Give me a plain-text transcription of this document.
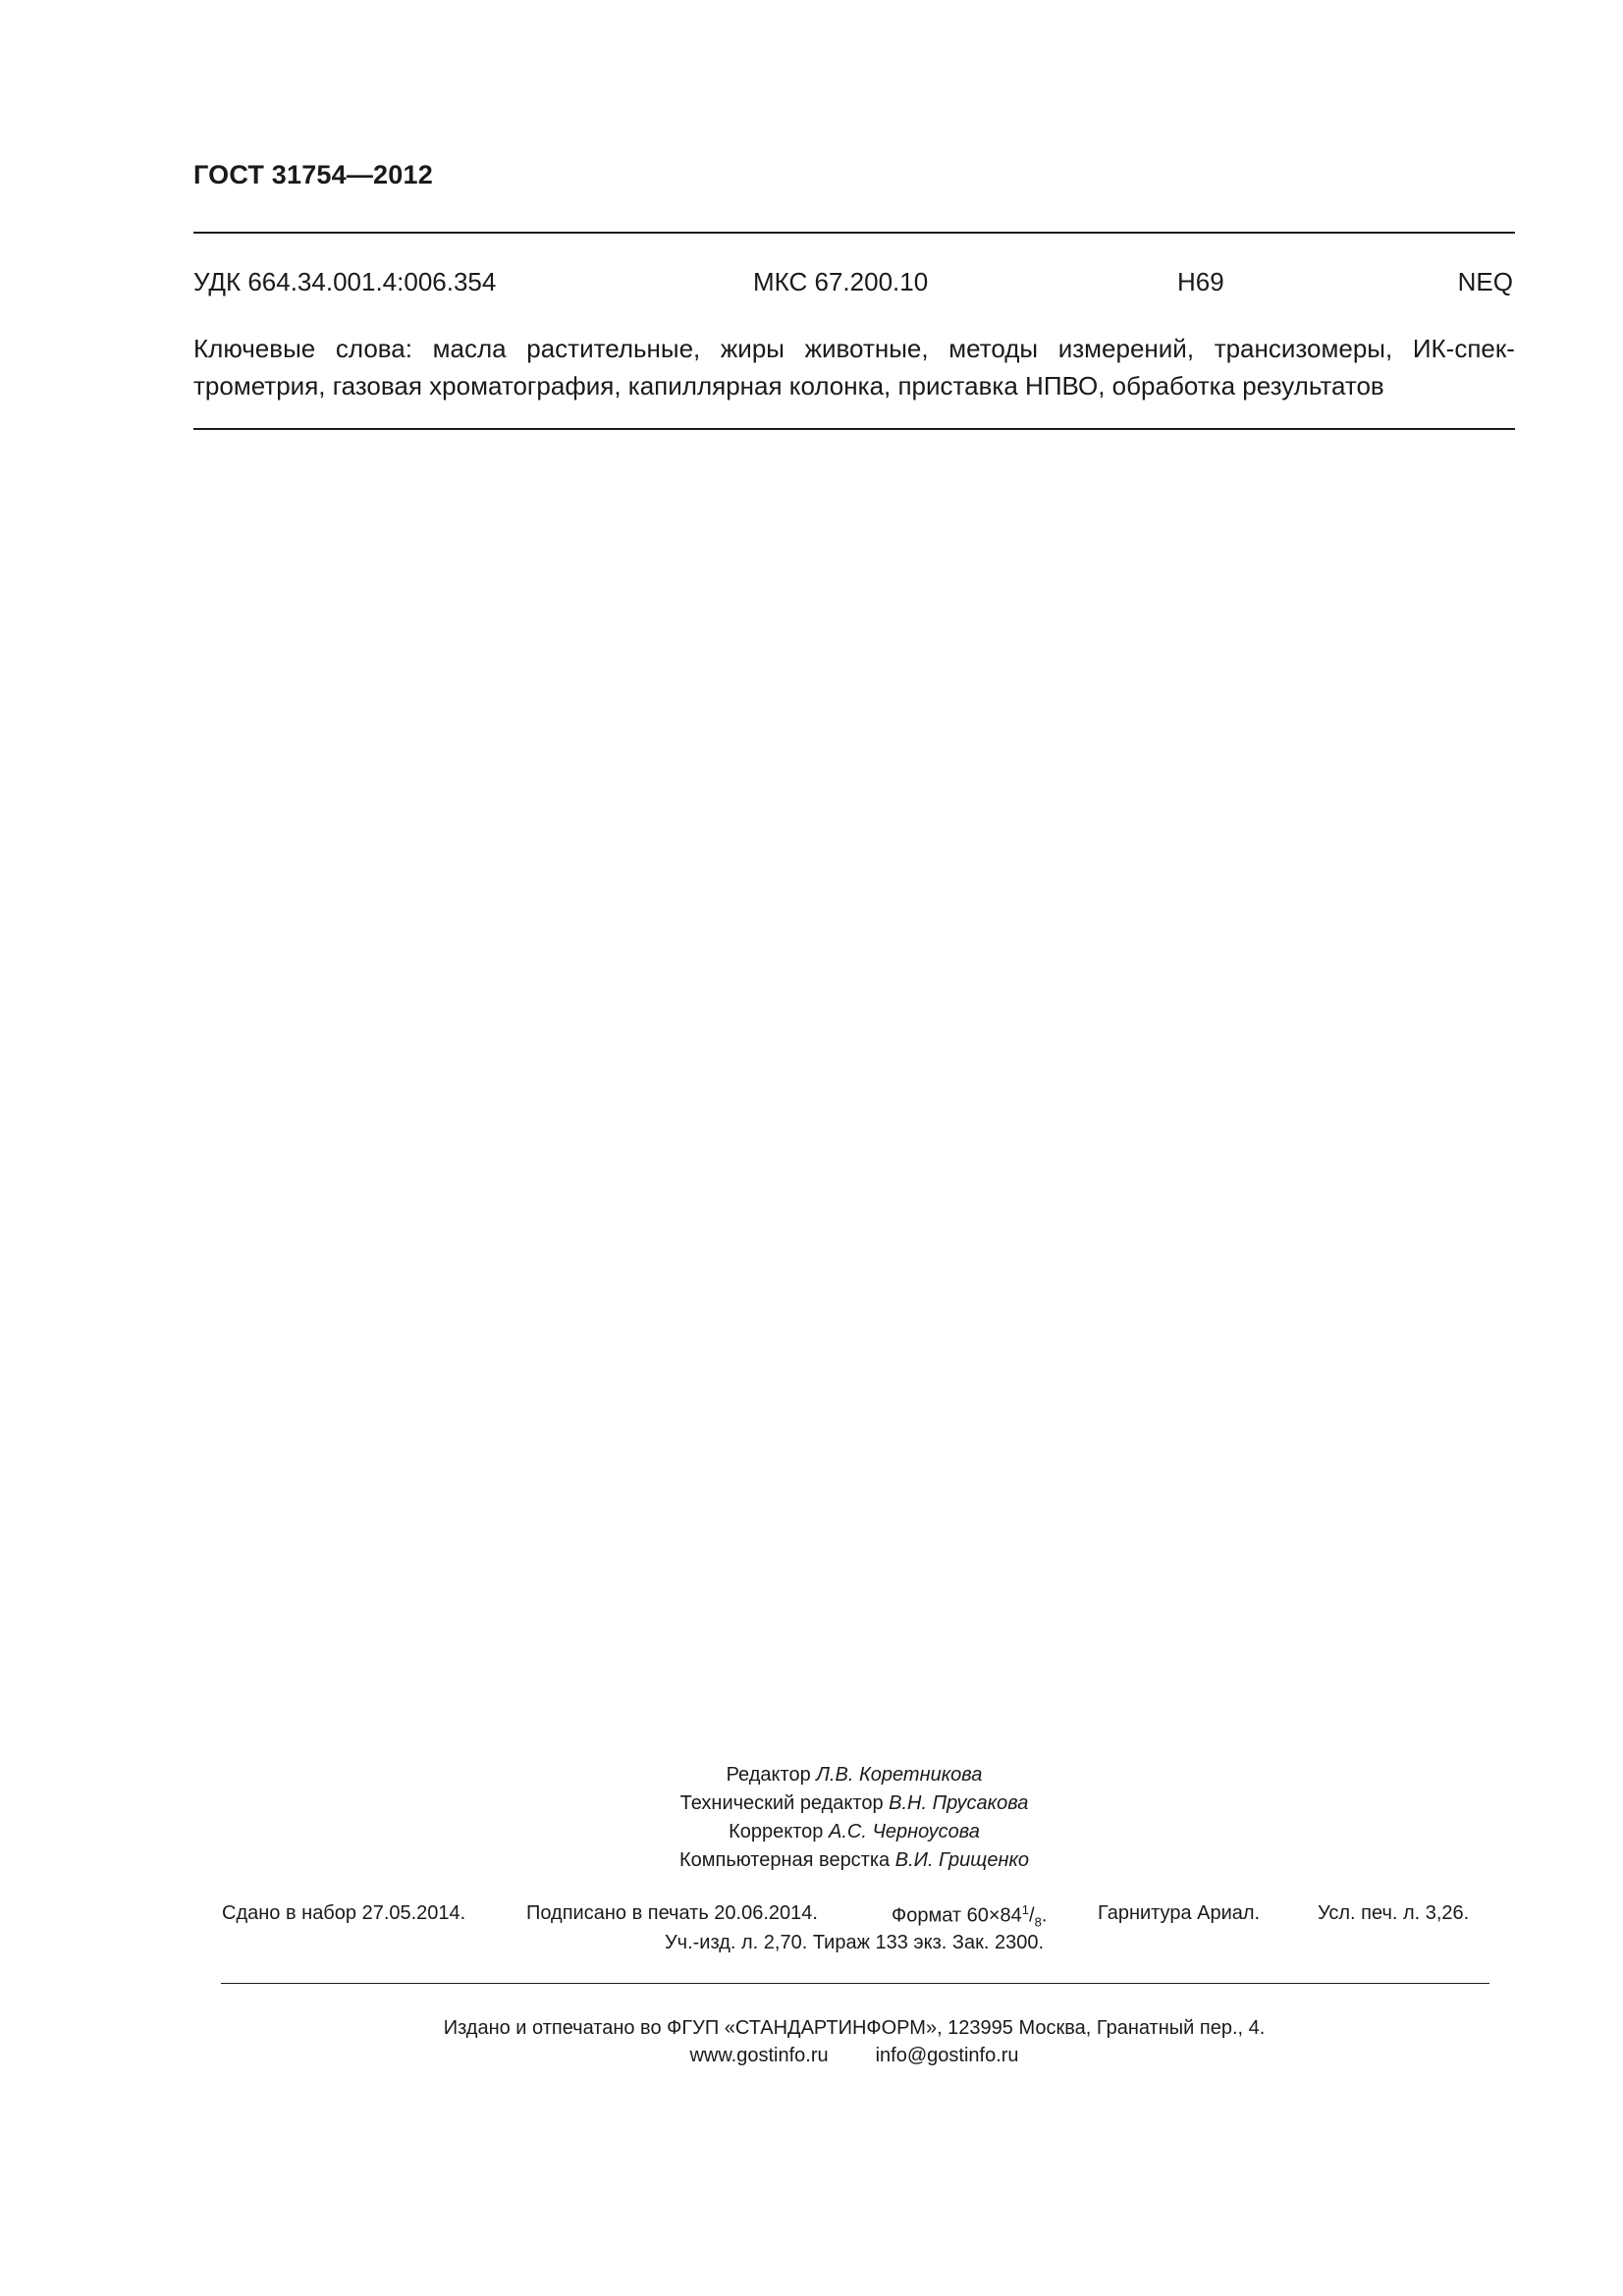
ГОСТ 31754—2012
УДК 664.34.001.4:006.354	МКС 67.200.10	Н69	NEQ
Ключевые слова: масла растительные, жиры животные, методы измерений, трансизомеры, ИК-спек-
трометрия, газовая хроматография, капиллярная колонка, приставка НПВО, обработка результатов
Редактор Л.В. Коретникова
Технический редактор В.Н. Прусакова
Корректор А.С. Черноусова
Компьютерная верстка В.И. Грищенко
Сдано в набор 27.05.2014.	Подписано в печать 20.06.2014.	Формат $60\times 84^1/_8$.	Гарнитура Ариал.	Усл. печ. л. 3,26.
Уч.-изд. л. 2,70. Тираж 133 экз. Зак. 2300.
Издано и отпечатано во ФГУП «СТАНДАРТИНФОРМ», 123995 Москва, Гранатный пер., 4.
www.gostinfo.ru info@gostinfo.ru
